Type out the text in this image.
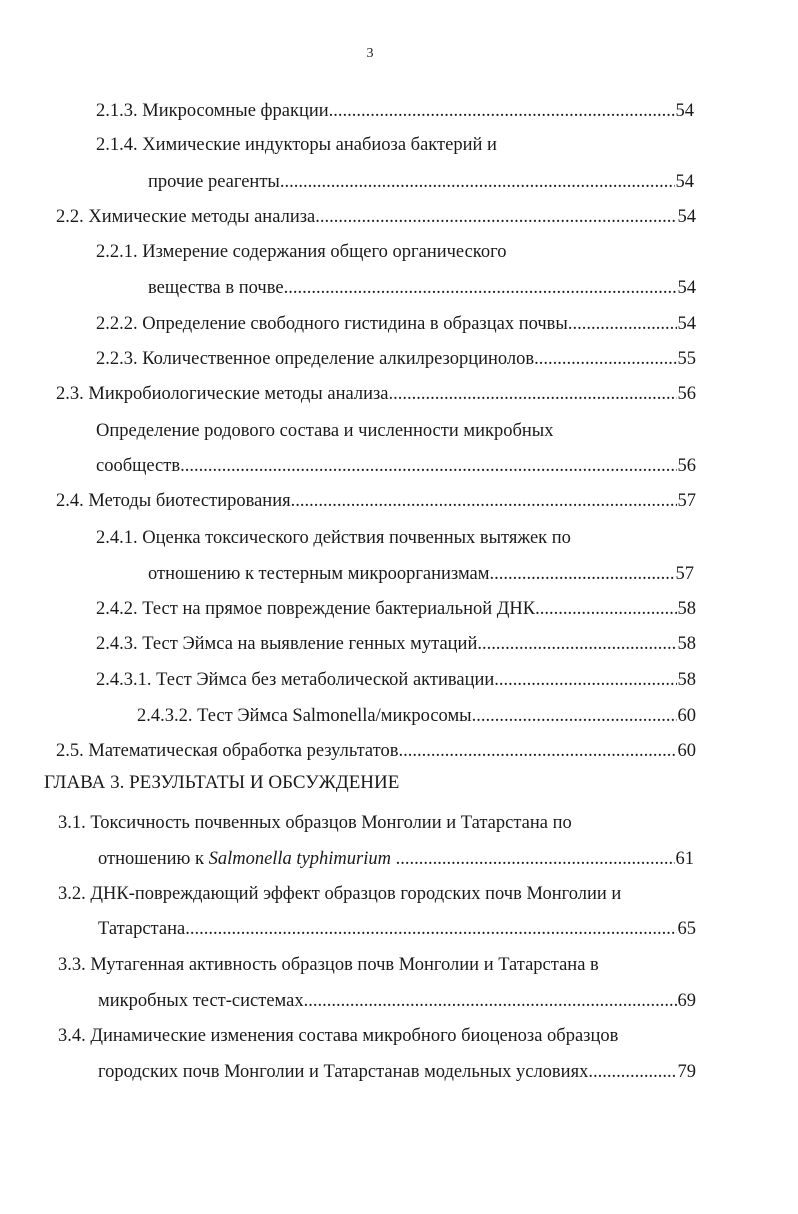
3
2.1.3. Микросомные фракции .....	54
2.1.4. Химические индукторы анабиоза бактерий и
прочие реагенты .....	54
2.2. Химические методы анализа .....	54
2.2.1. Измерение содержания общего органического
вещества в почве .....	54
2.2.2. Определение свободного гистидина в образцах почвы .....	54
2.2.3. Количественное определение алкилрезорцинолов .....	55
2.3. Микробиологические методы анализа .....	56
Определение родового состава и численности микробных
сообществ .....	56
2.4. Методы биотестирования .....	57
2.4.1. Оценка токсического действия почвенных вытяжек по
отношению к тестерным микроорганизмам .....	57
2.4.2. Тест на прямое повреждение бактериальной ДНК .....	58
2.4.3. Тест Эймса на выявление генных мутаций .....	58
2.4.3.1. Тест Эймса без метаболической активации .....	58
2.4.3.2. Тест Эймса Salmonella/микросомы .....	60
2.5. Математическая обработка результатов .....	60
ГЛАВА 3. РЕЗУЛЬТАТЫ И ОБСУЖДЕНИЕ
3.1. Токсичность почвенных образцов Монголии и Татарстана по
отношению к Salmonella typhimurium .....	61
3.2. ДНК-повреждающий эффект образцов городских почв Монголии и
Татарстана .....	65
3.3. Мутагенная активность образцов почв Монголии и Татарстана в
микробных тест-системах .....	69
3.4. Динамические изменения состава микробного биоценоза образцов
городских почв Монголии и Татарстанав модельных условиях .....	79
